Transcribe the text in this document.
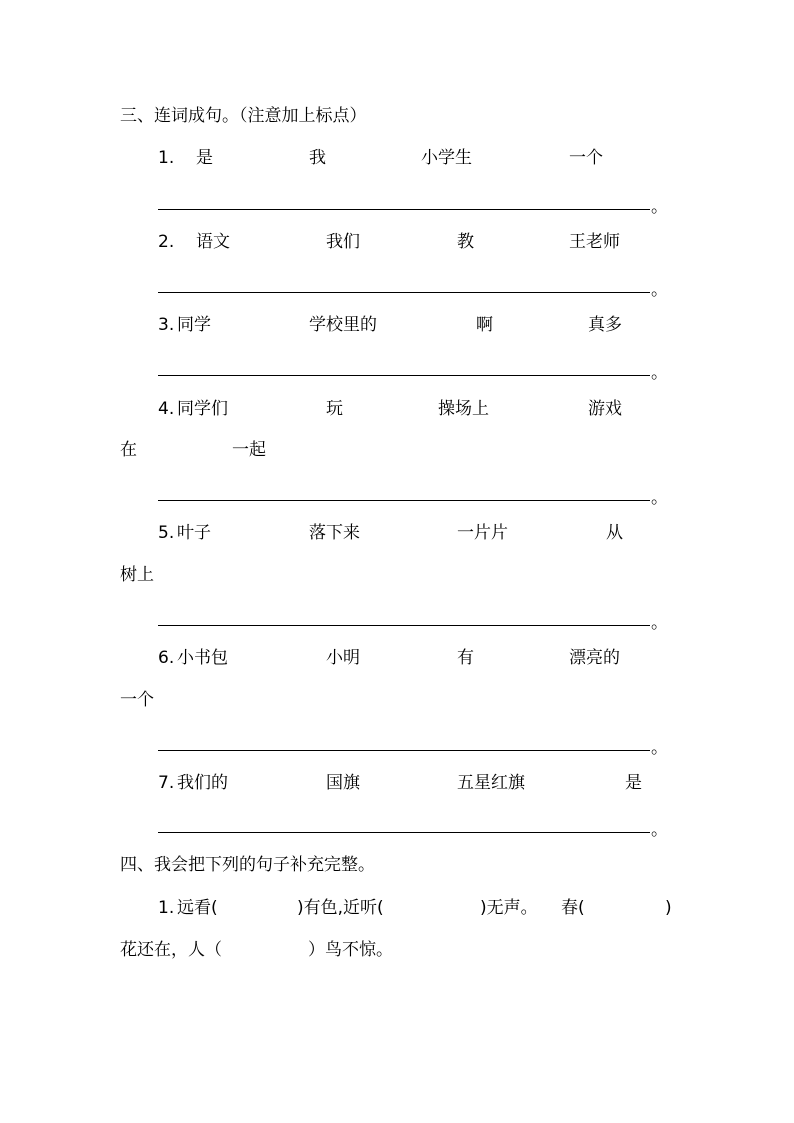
三、连词成句。（注意加上标点）
1. 是	我	小学生	一个
。
2. 语文	我们	教	王老师
。
3. 同学	学校里的	啊	真多
。
4. 同学们	玩	操场上	游戏
在	一起
。
5. 叶子	落下来	一片片	从
树上
。
6. 小书包	小明	有	漂亮的
一个
。
7. 我们的	国旗	五星红旗	是
。
四、我会把下列的句子补充完整。
1. 远看(	)有色,近听(	)无声。 春(	)
花还在，人（	）鸟不惊。
